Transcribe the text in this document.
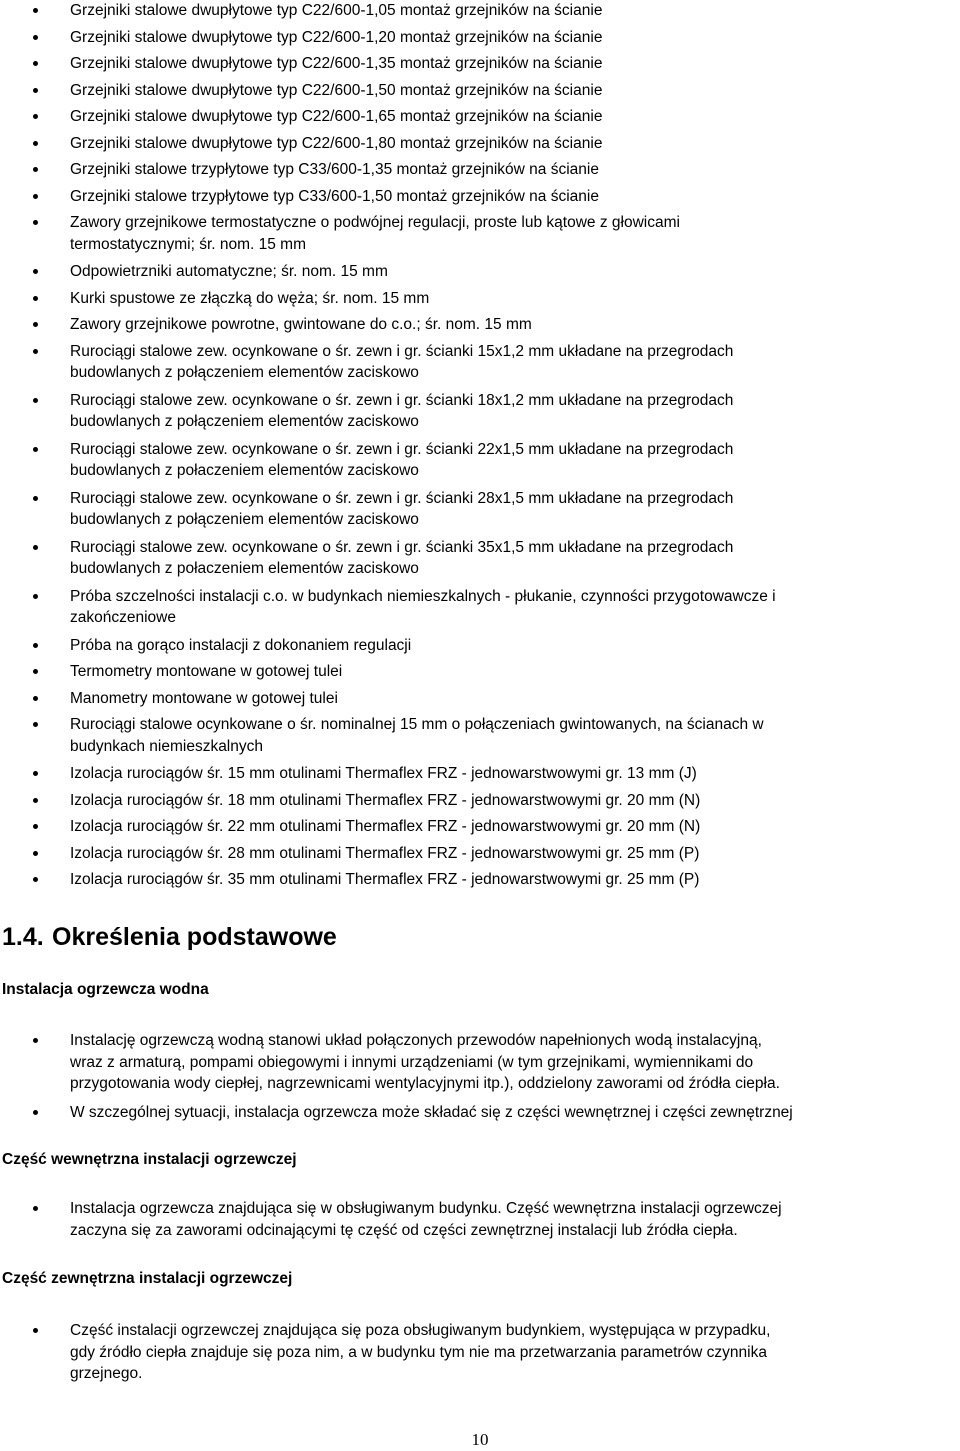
Grzejniki stalowe dwupłytowe typ C22/600-1,05 montaż grzejników na ścianie
Grzejniki stalowe dwupłytowe typ C22/600-1,20 montaż grzejników na ścianie
Grzejniki stalowe dwupłytowe typ C22/600-1,35 montaż grzejników na ścianie
Grzejniki stalowe dwupłytowe typ C22/600-1,50 montaż grzejników na ścianie
Grzejniki stalowe dwupłytowe typ C22/600-1,65 montaż grzejników na ścianie
Grzejniki stalowe dwupłytowe typ C22/600-1,80 montaż grzejników na ścianie
Grzejniki stalowe trzypłytowe typ C33/600-1,35 montaż grzejników na ścianie
Grzejniki stalowe trzypłytowe typ C33/600-1,50 montaż grzejników na ścianie
Zawory grzejnikowe termostatyczne o podwójnej regulacji, proste lub kątowe z głowicami
termostatycznymi; śr. nom. 15 mm
Odpowietrzniki automatyczne; śr. nom. 15 mm
Kurki spustowe ze złączką do węża; śr. nom. 15 mm
Zawory grzejnikowe powrotne, gwintowane do c.o.; śr. nom. 15 mm
Rurociągi stalowe zew. ocynkowane o śr. zewn i gr. ścianki 15x1,2 mm układane na przegrodach
budowlanych z połączeniem elementów zaciskowo
Rurociągi stalowe zew. ocynkowane o śr. zewn i gr. ścianki 18x1,2 mm układane na przegrodach
budowlanych z połączeniem elementów zaciskowo
Rurociągi stalowe zew. ocynkowane o śr. zewn i gr. ścianki 22x1,5 mm układane na przegrodach
budowlanych z połaczeniem elementów zaciskowo
Rurociągi stalowe zew. ocynkowane o śr. zewn i gr. ścianki 28x1,5 mm układane na przegrodach
budowlanych z połączeniem elementów zaciskowo
Rurociągi stalowe zew. ocynkowane o śr. zewn i gr. ścianki 35x1,5 mm układane na przegrodach
budowlanych z połaczeniem elementów zaciskowo
Próba szczelności instalacji c.o. w budynkach niemieszkalnych - płukanie, czynności przygotowawcze i
zakończeniowe
Próba na gorąco instalacji z dokonaniem regulacji
Termometry montowane w gotowej tulei
Manometry montowane w gotowej tulei
Rurociągi stalowe ocynkowane o śr. nominalnej 15 mm o połączeniach gwintowanych, na ścianach w
budynkach niemieszkalnych
Izolacja rurociągów śr. 15 mm otulinami Thermaflex FRZ - jednowarstwowymi gr. 13 mm (J)
Izolacja rurociągów śr. 18 mm otulinami Thermaflex FRZ - jednowarstwowymi gr. 20 mm (N)
Izolacja rurociągów śr. 22 mm otulinami Thermaflex FRZ - jednowarstwowymi gr. 20 mm (N)
Izolacja rurociągów śr. 28 mm otulinami Thermaflex FRZ - jednowarstwowymi gr. 25 mm (P)
Izolacja rurociągów śr. 35 mm otulinami Thermaflex FRZ - jednowarstwowymi gr. 25 mm (P)
1.4. Określenia podstawowe
Instalacja ogrzewcza wodna
Instalację ogrzewczą wodną stanowi układ połączonych przewodów napełnionych wodą instalacyjną,
wraz z armaturą, pompami obiegowymi i innymi urządzeniami (w tym grzejnikami, wymiennikami do
przygotowania wody ciepłej, nagrzewnicami wentylacyjnymi itp.), oddzielony zaworami od źródła ciepła.
W szczególnej sytuacji, instalacja ogrzewcza może składać się z części wewnętrznej i części zewnętrznej
Część wewnętrzna instalacji ogrzewczej
Instalacja ogrzewcza znajdująca się w obsługiwanym budynku. Część wewnętrzna instalacji ogrzewczej
zaczyna się za zaworami odcinającymi tę część od części zewnętrznej instalacji lub źródła ciepła.
Część zewnętrzna instalacji ogrzewczej
Część instalacji ogrzewczej znajdująca się poza obsługiwanym budynkiem, występująca w przypadku,
gdy źródło ciepła znajduje się poza nim, a w budynku tym nie ma przetwarzania parametrów czynnika
grzejnego.
10
